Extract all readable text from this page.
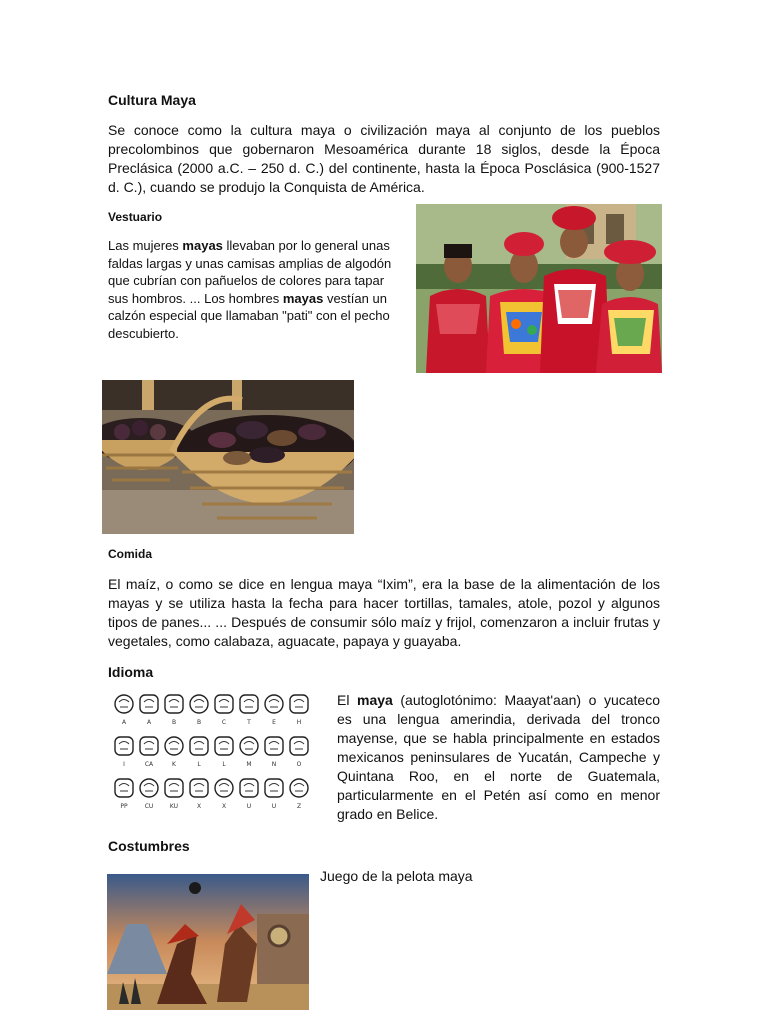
Cultura Maya

Se conoce como la cultura maya o civilización maya al conjunto de los pueblos precolombinos que gobernaron Mesoamérica durante 18 siglos, desde la Época Preclásica (2000 a.C. – 250 d. C.) del continente, hasta la Época Posclásica (900-1527 d. C.), cuando se produjo la Conquista de América.

Vestuario

Las mujeres mayas llevaban por lo general unas faldas largas y unas camisas amplias de algodón que cubrían con pañuelos de colores para tapar sus hombros. ... Los hombres mayas vestían un calzón especial que llamaban "pati" con el pecho descubierto.

Comida

El maíz, o como se dice en lengua maya “Ixim”, era la base de la alimentación de los mayas y se utiliza hasta la fecha para hacer tortillas, tamales, atole, pozol y algunos tipos de panes... ... Después de consumir sólo maíz y frijol, comenzaron a incluir frutas y vegetales, como calabaza, aguacate, papaya y guayaba.

Idioma
A	A	B	B	C	T	E	H
I	CA	K	L	L	M	N	O
PP	CU	KU	X	X	U	U	Z

El maya (autoglotónimo: Maayat'aan) o yucateco es una lengua amerindia, derivada del tronco mayense, que se habla principalmente en estados mexicanos peninsulares de Yucatán, Campeche y Quintana Roo, en el norte de Guatemala, particularmente en el Petén así como en menor grado en Belice.

Costumbres
Juego de la pelota maya
